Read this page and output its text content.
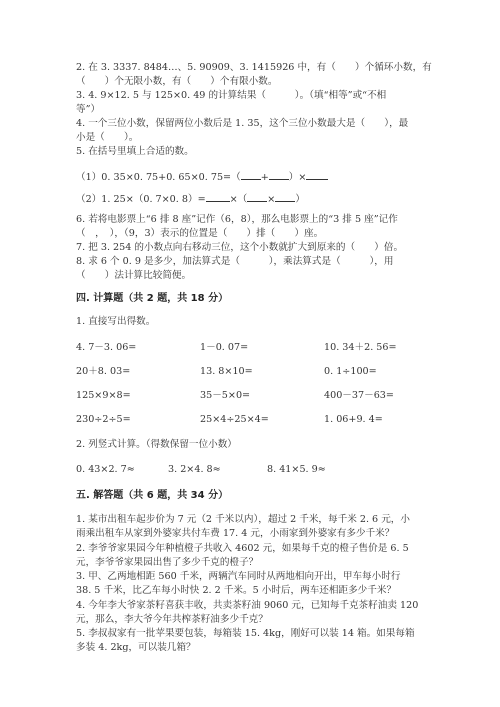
2. 在 3. 3337. 8484…、5. 90909、3. 1415926 中，有（　　）个循环小数，有
（　　）个无限小数，有（　　）个有限小数。
3. 4. 9×12. 5 与 125×0. 49 的计算结果（　　　）。（填“相等”或“不相
等”）
4. 一个三位小数，保留两位小数后是 1. 35，这个三位小数最大是（　　），最
小是（　　）。
5. 在括号里填上合适的数。
（1）0. 35×0. 75+0. 65×0. 75=（ + ）×
（2）1. 25×（0. 7×0. 8）=	×（ × ）
6. 若将电影票上“6 排 8 座”记作（6，8），那么电影票上的“3 排 5 座”记作
（　，　），（9，3）表示的位置是（　　）排（　　）座。
7. 把 3. 254 的小数点向右移动三位，这个小数就扩大到原来的（　　）倍。
8. 求 6 个 0. 9 是多少，加法算式是（　　　），乘法算式是（　　　），用
（　　）法计算比较简便。
四. 计算题（共 2 题，共 18 分）
1. 直接写出得数。
4. 7－3. 06=	1－0. 07=	10. 34＋2. 56=
20＋8. 03=	13. 8×10=	0. 1÷100=
125×9×8=	35－5×0=	400－37－63=
230÷2÷5=	25×4÷25×4=	1. 06+9. 4=
2. 列竖式计算。（得数保留一位小数）
0. 43×2. 7≈	3. 2×4. 8≈	8. 41×5. 9≈
五. 解答题（共 6 题，共 34 分）
1. 某市出租车起步价为 7 元（2 千米以内），超过 2 千米，每千米 2. 6 元，小
雨乘出租车从家到外婆家共付车费 17. 4 元，小雨家到外婆家有多少千米？
2. 李爷爷家果园今年种植橙子共收入 4602 元，如果每千克的橙子售价是 6. 5
元，李爷爷家果园出售了多少千克的橙子？
3. 甲、乙两地相距 560 千米，两辆汽车同时从两地相向开出，甲车每小时行
38. 5 千米，比乙车每小时快 2. 2 千米。5 小时后，两车还相距多少千米？
4. 今年李大爷家茶籽喜获丰收，共卖茶籽油 9060 元，已知每千克茶籽油卖 120
元，那么，李大爷今年共榨茶籽油多少千克？
5. 李叔叔家有一批苹果要包装，每箱装 15. 4kg，刚好可以装 14 箱。如果每箱
多装 4. 2kg，可以装几箱？
